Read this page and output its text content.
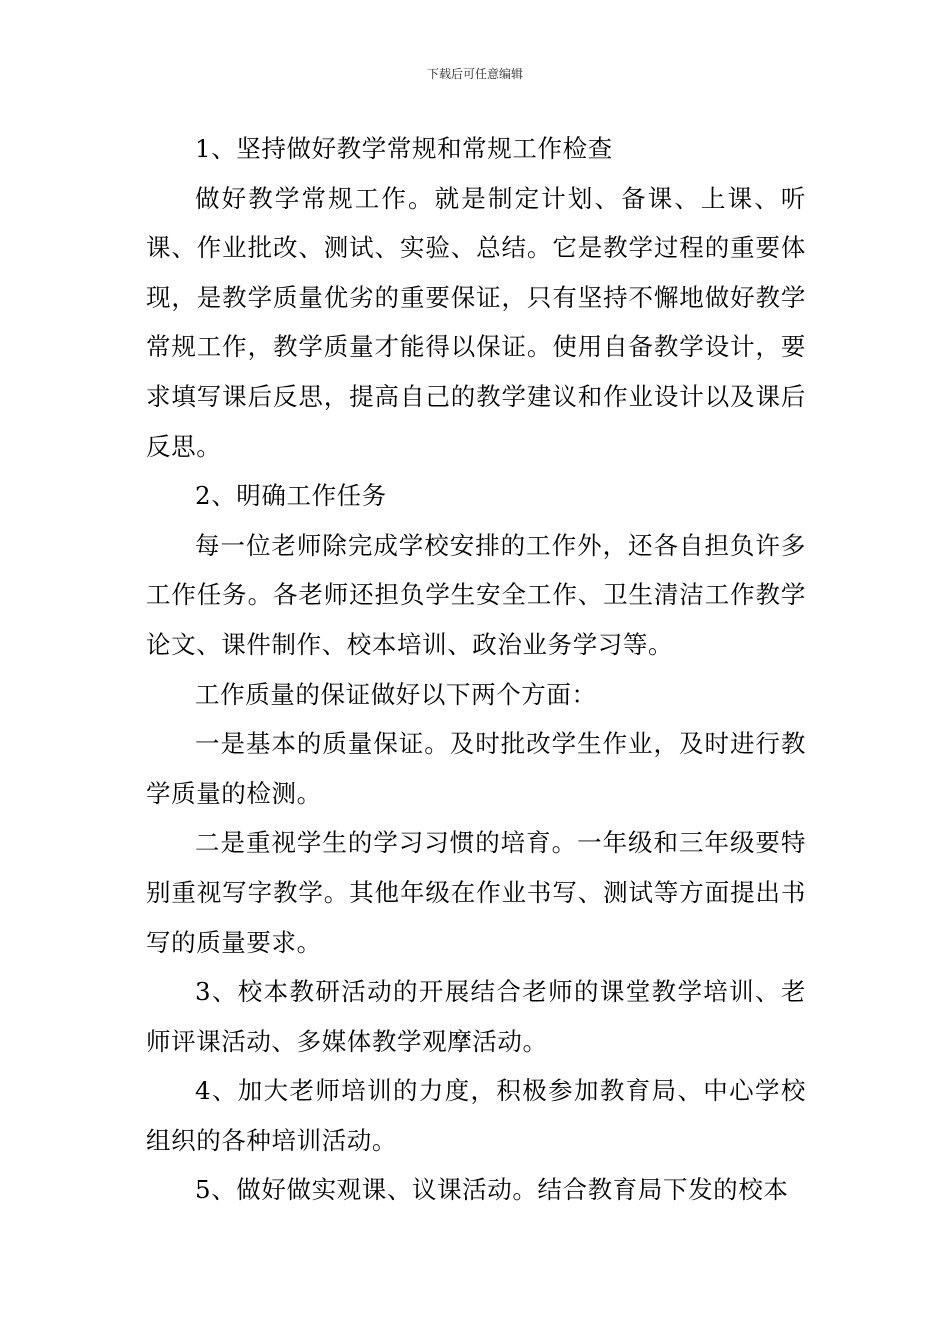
下载后可任意编辑

1、坚持做好教学常规和常规工作检查

做好教学常规工作。就是制定计划、备课、上课、听课、作业批改、测试、实验、总结。它是教学过程的重要体现，是教学质量优劣的重要保证，只有坚持不懈地做好教学常规工作，教学质量才能得以保证。使用自备教学设计，要求填写课后反思，提高自己的教学建议和作业设计以及课后反思。

2、明确工作任务

每一位老师除完成学校安排的工作外，还各自担负许多工作任务。各老师还担负学生安全工作、卫生清洁工作教学论文、课件制作、校本培训、政治业务学习等。

工作质量的保证做好以下两个方面：

一是基本的质量保证。及时批改学生作业，及时进行教学质量的检测。

二是重视学生的学习习惯的培育。一年级和三年级要特别重视写字教学。其他年级在作业书写、测试等方面提出书写的质量要求。

3、校本教研活动的开展结合老师的课堂教学培训、老师评课活动、多媒体教学观摩活动。

4、加大老师培训的力度，积极参加教育局、中心学校组织的各种培训活动。

5、做好做实观课、议课活动。结合教育局下发的校本
